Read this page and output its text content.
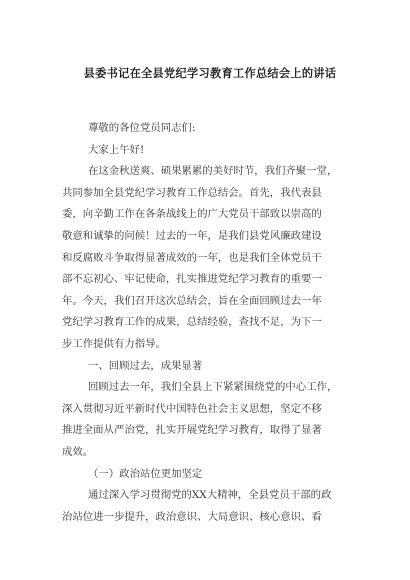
县委书记在全县党纪学习教育工作总结会上的讲话
尊敬的各位党员同志们:
大家上午好!
在这金秋送爽、硕果累累的美好时节，我们齐聚一堂，
共同参加全县党纪学习教育工作总结会。首先，我代表县
委，向辛勤工作在各条战线上的广大党员干部致以崇高的
敬意和诚挚的问候！过去的一年，是我们县党风廉政建设
和反腐败斗争取得显著成效的一年，也是我们全体党员干
部不忘初心、牢记使命，扎实推进党纪学习教育的重要一
年。今天，我们召开这次总结会，旨在全面回顾过去一年
党纪学习教育工作的成果，总结经验，查找不足，为下一
步工作提供有力指导。
一、回顾过去，成果显著
回顾过去一年，我们全县上下紧紧围绕党的中心工作，
深入贯彻习近平新时代中国特色社会主义思想，坚定不移
推进全面从严治党，扎实开展党纪学习教育，取得了显著
成效。
（一）政治站位更加坚定
通过深入学习贯彻党的XX大精神，全县党员干部的政
治站位进一步提升，政治意识、大局意识、核心意识、看
